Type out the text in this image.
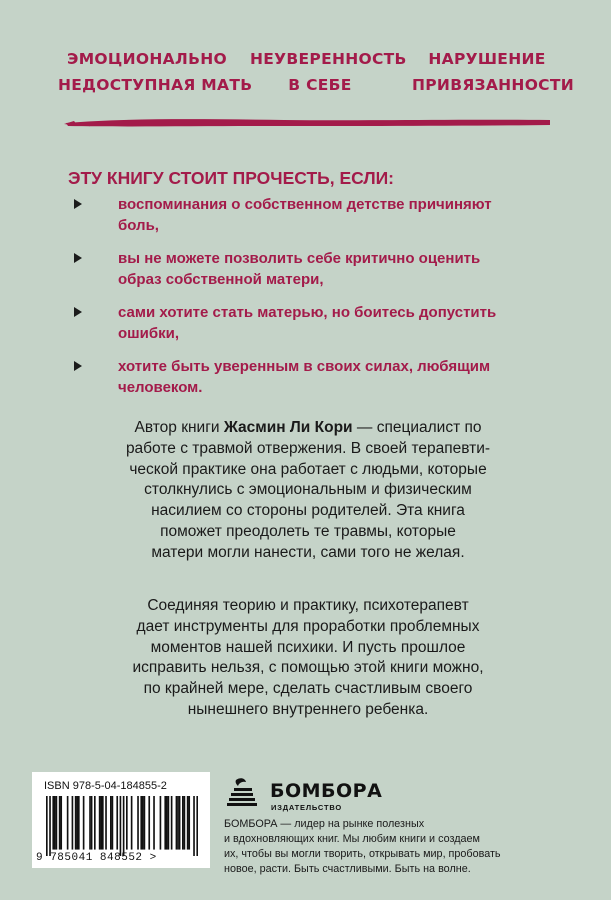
ЭМОЦИОНАЛЬНО
НЕДОСТУПНАЯ МАТЬ
НЕУВЕРЕННОСТЬ
В СЕБЕ
НАРУШЕНИЕ
ПРИВЯЗАННОСТИ
ЭТУ КНИГУ СТОИТ ПРОЧЕСТЬ, ЕСЛИ:
воспоминания о собственном детстве причиняют
боль,
вы не можете позволить себе критично оценить
образ собственной матери,
сами хотите стать матерью, но боитесь допустить
ошибки,
хотите быть уверенным в своих силах, любящим
человеком.
Автор книги Жасмин Ли Кори — специалист по
работе с травмой отвержения. В своей терапевти-
ческой практике она работает с людьми, которые
столкнулись с эмоциональным и физическим
насилием со стороны родителей. Эта книга
поможет преодолеть те травмы, которые
матери могли нанести, сами того не желая.
Соединяя теорию и практику, психотерапевт
дает инструменты для проработки проблемных
моментов нашей психики. И пусть прошлое
исправить нельзя, с помощью этой книги можно,
по крайней мере, сделать счастливым своего
нынешнего внутреннего ребенка.
ISBN 978-5-04-184855-2
9 785041 848552 >
БОМБОРА
ИЗДАТЕЛЬСТВО
БОМБОРА — лидер на рынке полезных
и вдохновляющих книг. Мы любим книги и создаем
их, чтобы вы могли творить, открывать мир, пробовать
новое, расти. Быть счастливыми. Быть на волне.
